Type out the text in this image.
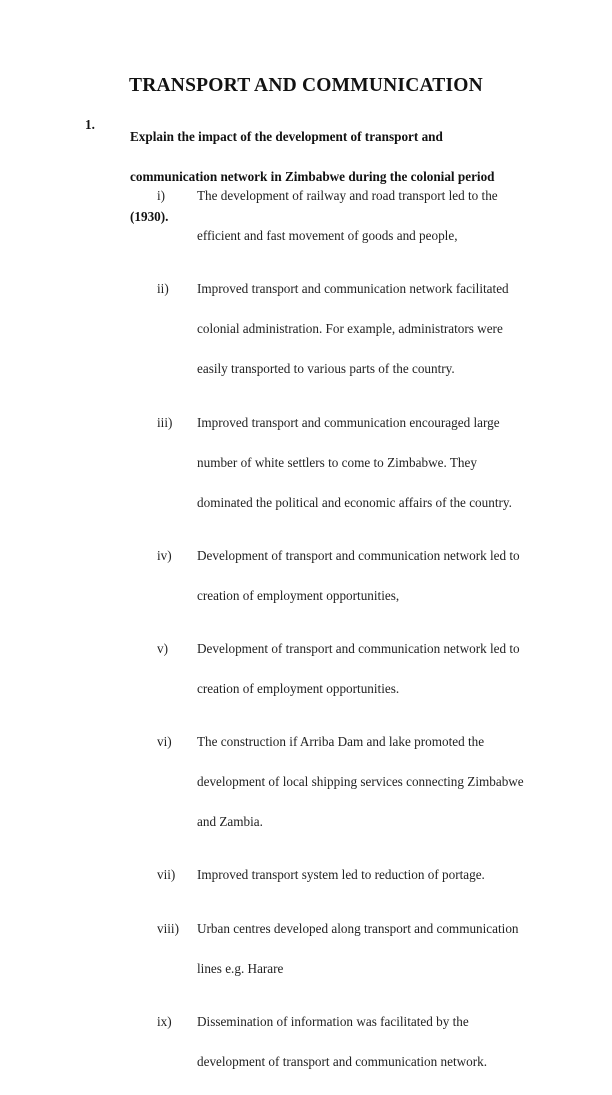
TRANSPORT AND COMMUNICATION
1.

Explain the impact of the development of transport and communication network in Zimbabwe during the colonial period (1930).

i)	The development of railway and road transport led to the efficient and fast movement of goods and people,

ii)	Improved transport and communication network facilitated colonial administration. For example, administrators were easily transported to various parts of the country.

iii)	Improved transport and communication encouraged large number of white settlers to come to Zimbabwe. They dominated the political and economic affairs of the country.

iv)	Development of transport and communication network led to creation of employment opportunities,

v)	Development of transport and communication network led to creation of employment opportunities.

vi)	The construction if Arriba Dam and lake promoted the development of local shipping services connecting Zimbabwe and Zambia.

vii)	Improved transport system led to reduction of portage.

viii)	Urban centres developed along transport and communication lines e.g. Harare

ix)	Dissemination of information was facilitated by the development of transport and communication network.
